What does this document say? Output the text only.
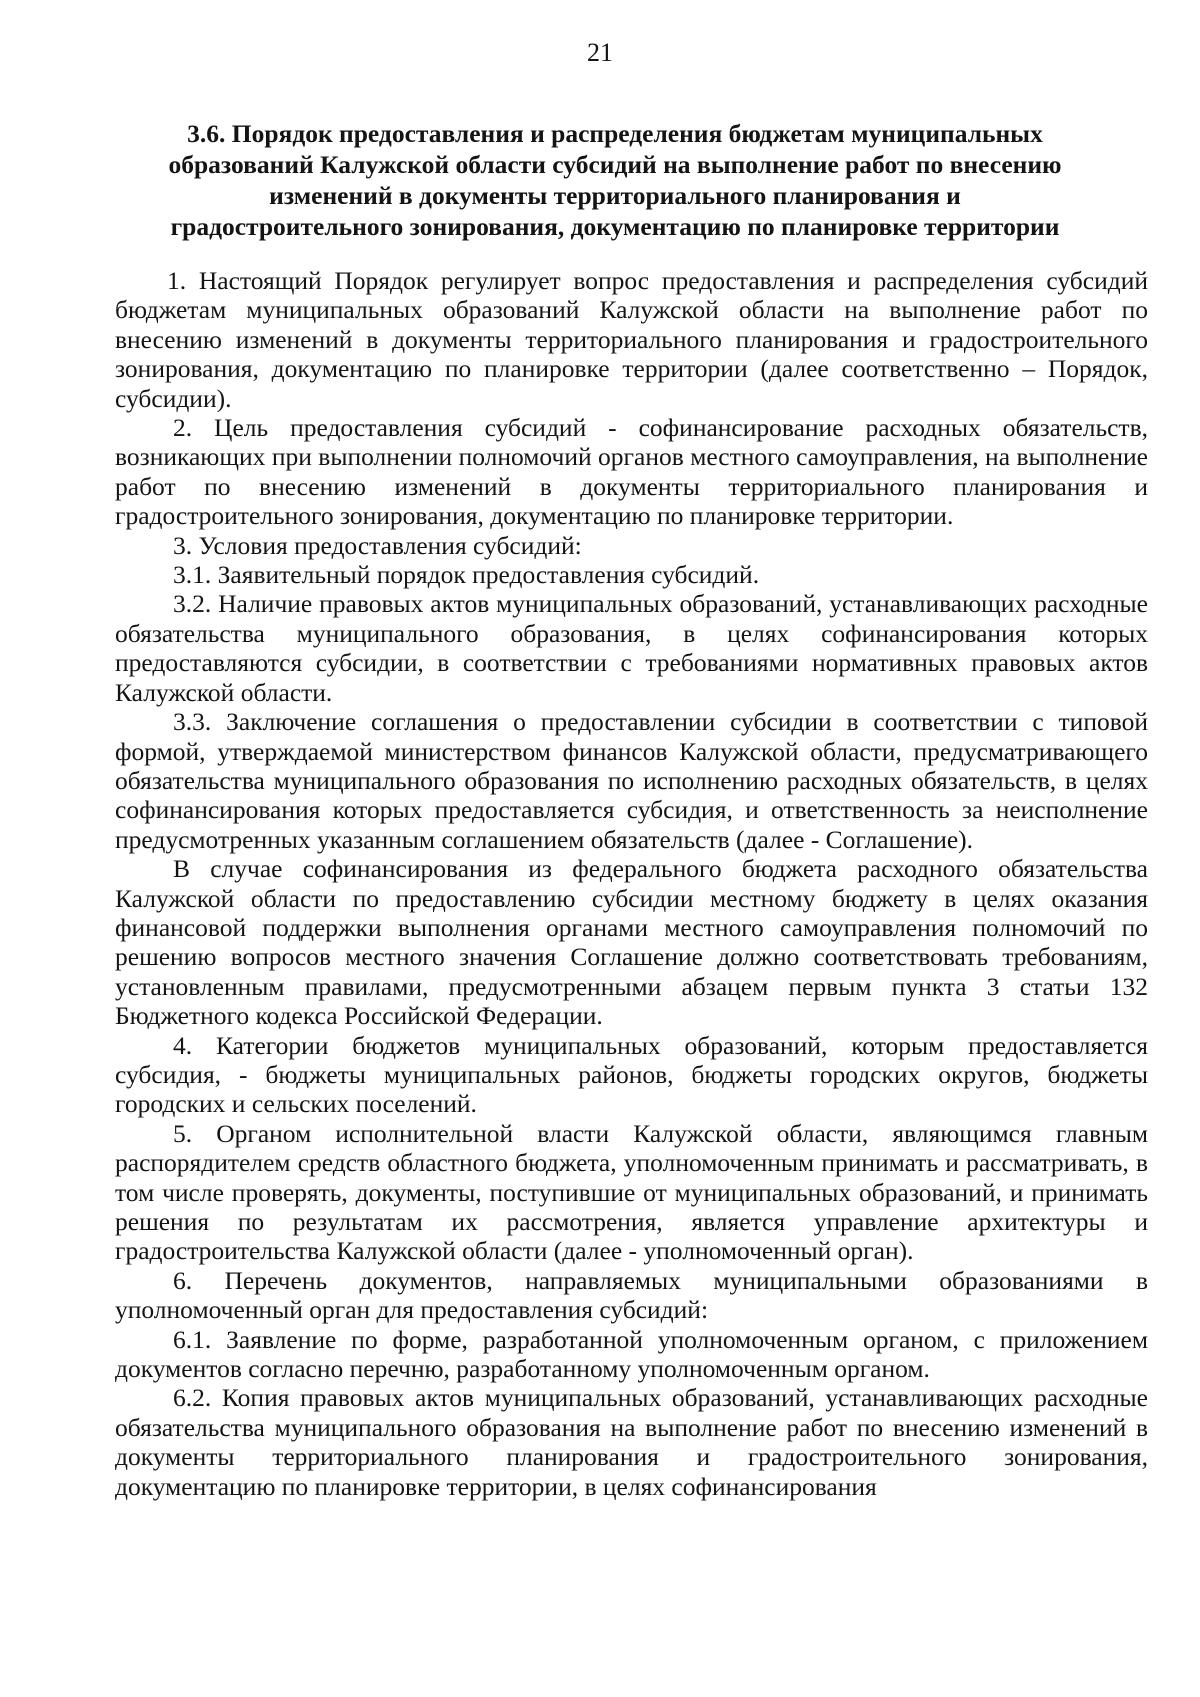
21
3.6. Порядок предоставления и распределения бюджетам муниципальных образований Калужской области субсидий на выполнение работ по внесению изменений в документы территориального планирования и градостроительного зонирования, документацию по планировке территории

1. Настоящий Порядок регулирует вопрос предоставления и распределения субсидий бюджетам муниципальных образований Калужской области на выполнение работ по внесению изменений в документы территориального планирования и градостроительного зонирования, документацию по планировке территории (далее соответственно – Порядок, субсидии).

2. Цель предоставления субсидий - софинансирование расходных обязательств, возникающих при выполнении полномочий органов местного самоуправления, на выполнение работ по внесению изменений в документы территориального планирования и градостроительного зонирования, документацию по планировке территории.

3. Условия предоставления субсидий:

3.1. Заявительный порядок предоставления субсидий.

3.2. Наличие правовых актов муниципальных образований, устанавливающих расходные обязательства муниципального образования, в целях софинансирования которых предоставляются субсидии, в соответствии с требованиями нормативных правовых актов Калужской области.

3.3. Заключение соглашения о предоставлении субсидии в соответствии с типовой формой, утверждаемой министерством финансов Калужской области, предусматривающего обязательства муниципального образования по исполнению расходных обязательств, в целях софинансирования которых предоставляется субсидия, и ответственность за неисполнение предусмотренных указанным соглашением обязательств (далее - Соглашение).

В случае софинансирования из федерального бюджета расходного обязательства Калужской области по предоставлению субсидии местному бюджету в целях оказания финансовой поддержки выполнения органами местного самоуправления полномочий по решению вопросов местного значения Соглашение должно соответствовать требованиям, установленным правилами, предусмотренными абзацем первым пункта 3 статьи 132 Бюджетного кодекса Российской Федерации.

4. Категории бюджетов муниципальных образований, которым предоставляется субсидия, - бюджеты муниципальных районов, бюджеты городских округов, бюджеты городских и сельских поселений.

5. Органом исполнительной власти Калужской области, являющимся главным распорядителем средств областного бюджета, уполномоченным принимать и рассматривать, в том числе проверять, документы, поступившие от муниципальных образований, и принимать решения по результатам их рассмотрения, является управление архитектуры и градостроительства Калужской области (далее - уполномоченный орган).

6. Перечень документов, направляемых муниципальными образованиями в уполномоченный орган для предоставления субсидий:

6.1. Заявление по форме, разработанной уполномоченным органом, с приложением документов согласно перечню, разработанному уполномоченным органом.

6.2. Копия правовых актов муниципальных образований, устанавливающих расходные обязательства муниципального образования на выполнение работ по внесению изменений в документы территориального планирования и градостроительного зонирования, документацию по планировке территории, в целях софинансирования
